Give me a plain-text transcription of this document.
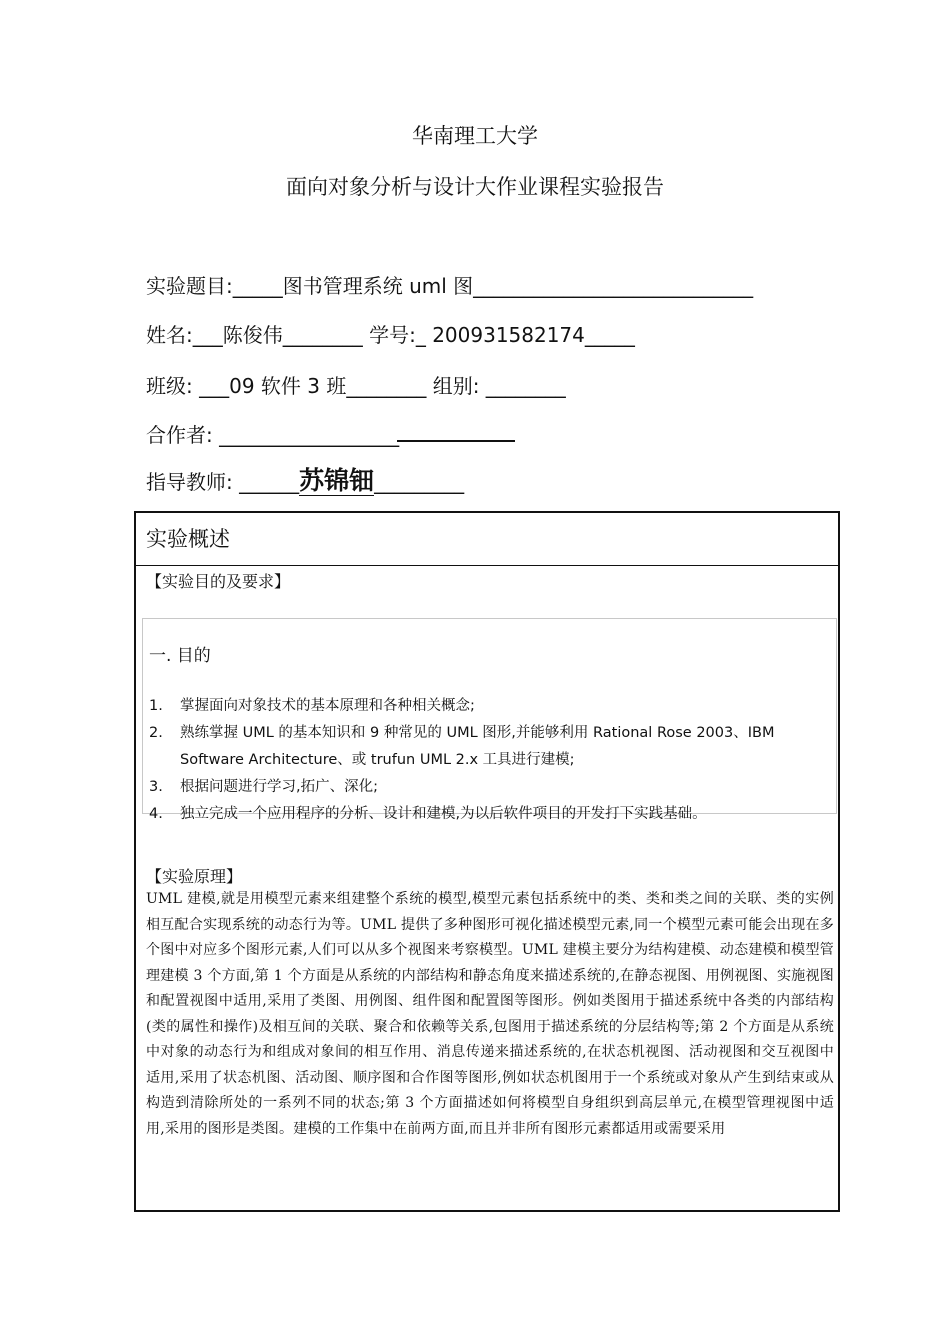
华南理工大学
面向对象分析与设计大作业课程实验报告
实验题目:_____图书管理系统 uml 图____________________________
姓名:___陈俊伟________ 学号:_ 200931582174_____
班级: ___09 软件 3 班________ 组别: ________
合作者: __________________
指导教师: ______苏锦钿_________
实验概述
【实验目的及要求】
一. 目的
1. 掌握面向对象技术的基本原理和各种相关概念;
2. 熟练掌握 UML 的基本知识和 9 种常见的 UML 图形,并能够利用 Rational Rose 2003、IBM Software Architecture、或 trufun UML 2.x 工具进行建模;
3. 根据问题进行学习,拓广、深化;
4. 独立完成一个应用程序的分析、设计和建模,为以后软件项目的开发打下实践基础。
【实验原理】
UML 建模,就是用模型元素来组建整个系统的模型,模型元素包括系统中的类、类和类之间的关联、类的实例相互配合实现系统的动态行为等。UML 提供了多种图形可视化描述模型元素,同一个模型元素可能会出现在多个图中对应多个图形元素,人们可以从多个视图来考察模型。UML 建模主要分为结构建模、动态建模和模型管理建模 3 个方面,第 1 个方面是从系统的内部结构和静态角度来描述系统的,在静态视图、用例视图、实施视图和配置视图中适用,采用了类图、用例图、组件图和配置图等图形。例如类图用于描述系统中各类的内部结构(类的属性和操作)及相互间的关联、聚合和依赖等关系,包图用于描述系统的分层结构等;第 2 个方面是从系统中对象的动态行为和组成对象间的相互作用、消息传递来描述系统的,在状态机视图、活动视图和交互视图中适用,采用了状态机图、活动图、顺序图和合作图等图形,例如状态机图用于一个系统或对象从产生到结束或从构造到清除所处的一系列不同的状态;第 3 个方面描述如何将模型自身组织到高层单元,在模型管理视图中适用,采用的图形是类图。建模的工作集中在前两方面,而且并非所有图形元素都适用或需要采用
